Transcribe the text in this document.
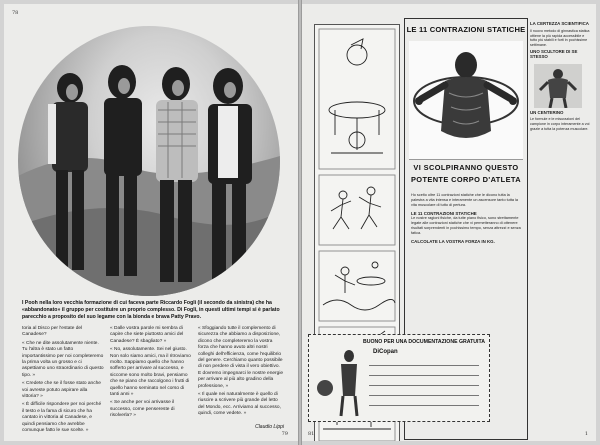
78
I Pooh nella loro vecchia formazione di cui faceva parte Riccardo Fogli (il secondo da sinistra) che ha «abbandonato» il gruppo per costituire un proprio complesso. Di Fogli, in questi ultimi tempi si è parlato parecchio a proposito del suo legame con la bionda e brava Patty Pravo.

toria al Disco per l'estate del Canadese?

« Che ne dite assolutamente niente. Tu l'altra è stato un fatto importantissimo per noi completeremo la prima volta un grosso e ci aspettiamo uno straordinario di questo tipo. »

« Credete che se il fosse stato anche voi avreste potuto aspirare alla vittoria? »

« È difficile rispondere per noi perché il testo e la fama di sicuro che ha cantato in vittoria al Canadese, e quindi pensiamo che avrebbe comunque fatto le sue scelte. »

« Dalle vostra parole mi sembra di capire che siete piuttosto amici del Canadese? È sbagliato? »

« No, assolutamente. Sei nel giusto. Non solo siamo amici, ma il ritroviamo molto. Sappiamo quello che hanno sofferto per arrivare al successo, e siccome sono molto bravi, pensiamo che se piano che raccolgono i frutti di quello hanno seminato nel corso di tanti anni »

« Se anche per voi arrivasse il successo, come pensereste di risolverla? »

« Sfoggiando tutte il complemento di sicurezza che abbiamo a disposizione, dicono che completeremo la vostra forza che hanno avuto altri nostri colleghi dell'efficienza, come l'equilibrio del genere. Cerchiamo quanto possibile di non perdere di vista il vero obiettivo. E dovremo impegnarci le nostre energie per arrivare al più alto gradino della professione, »

« Il quale nei naturalmente è quello di riuscire a scrivere più grande del letto del Mondo, ecc. Arriviamo al successo, quindi, come vedete. »

Claudio Lippi
79
LE 11 CONTRAZIONI STATICHE
VI SCOLPIRANNO QUESTO
POTENTE CORPO D'ATLETA
Ho scelto oltre 11 contrazioni statiche che le dicono tutta la palestra a vita intensa e interamente un ascensore tanto tutta la vita muscolare di tutto di pertura.
LE 11 CONTRAZIONI STATICHE
Le nostre ragioni fisiche, da tutte piano fisico, sono strettamente legate alle contrazioni statiche che vi permetteranno di ottenere risultati sorprendenti in pochissimo tempo, senza attrezzi e senza fatica.
CALCOLATE LA VOSTRA FORZA IN KG.
LA CERTEZZA SCIENTIFICA
Il nuovo metodo di ginnastica statica ottiene la più rapida accessibile e tutto più stabili e forti in pochissime settimane.
UNO SCULTORE DI SE STESSO
UN CENTERINO
Le formule e le misurazioni del campione in corpo interamente a voi grazie a tutta la potenza muscolare.
BUONO PER UNA DOCUMENTAZIONE GRATUITA
DiCopan
81	1
